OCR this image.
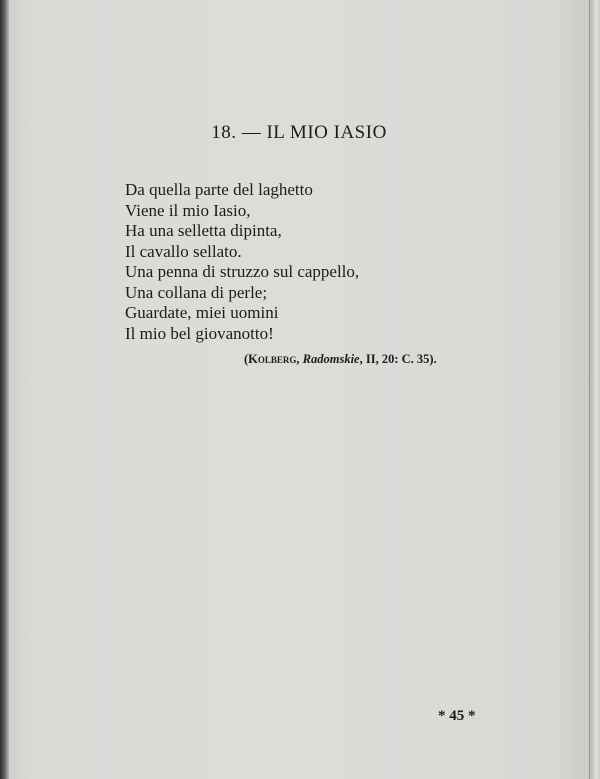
18. — IL MIO IASIO
Da quella parte del laghetto
Viene il mio Iasio,
Ha una selletta dipinta,
Il cavallo sellato.
Una penna di struzzo sul cappello,
Una collana di perle;
Guardate, miei uomini
Il mio bel giovanotto!
(Kolberg, Radomskie, II, 20: C. 35).
* 45 *
